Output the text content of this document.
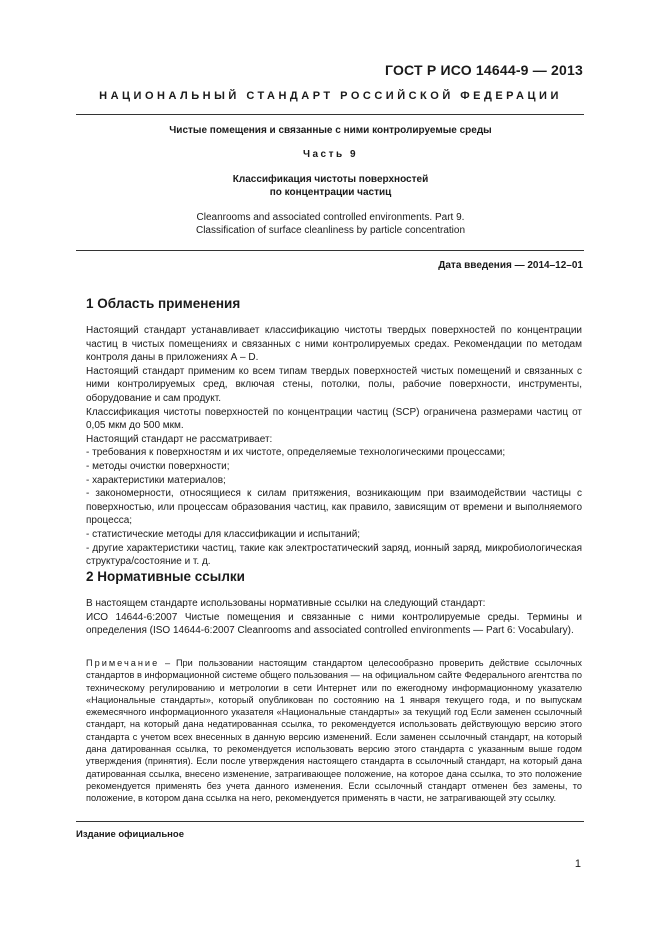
ГОСТ Р ИСО 14644-9 — 2013
НАЦИОНАЛЬНЫЙ СТАНДАРТ РОССИЙСКОЙ ФЕДЕРАЦИИ
Чистые помещения и связанные с ними контролируемые среды
Часть 9
Классификация чистоты поверхностей
по концентрации частиц
Cleanrooms and associated controlled environments. Part 9.
Classification of surface cleanliness by particle concentration
Дата введения — 2014–12–01
1 Область применения

Настоящий стандарт устанавливает классификацию чистоты твердых поверхностей по концентрации частиц в чистых помещениях и связанных с ними контролируемых средах. Рекомендации по методам контроля даны в приложениях А – D.

Настоящий стандарт применим ко всем типам твердых поверхностей чистых помещений и связанных с ними контролируемых сред, включая стены, потолки, полы, рабочие поверхности, инструменты, оборудование и сам продукт.

Классификация чистоты поверхностей по концентрации частиц (SCP) ограничена размерами частиц от 0,05 мкм до 500 мкм.

Настоящий стандарт не рассматривает:

- требования к поверхностям и их чистоте, определяемые технологическими процессами;

- методы очистки поверхности;

- характеристики материалов;

- закономерности, относящиеся к силам притяжения, возникающим при взаимодействии частицы с поверхностью, или процессам образования частиц, как правило, зависящим от времени и выполняемого процесса;

- статистические методы для классификации и испытаний;

- другие характеристики частиц, такие как электростатический заряд, ионный заряд, микробиологическая структура/состояние и т. д.

2 Нормативные ссылки

В настоящем стандарте использованы нормативные ссылки на следующий стандарт:

ИСО 14644-6:2007 Чистые помещения и связанные с ними контролируемые среды. Термины и определения (ISO 14644-6:2007 Cleanrooms and associated controlled environments — Part 6: Vocabulary).

Примечание – При пользовании настоящим стандартом целесообразно проверить действие ссылочных стандартов в информационной системе общего пользования — на официальном сайте Федерального агентства по техническому регулированию и метрологии в сети Интернет или по ежегодному информационному указателю «Национальные стандарты», который опубликован по состоянию на 1 января текущего года, и по выпускам ежемесячного информационного указателя «Национальные стандарты» за текущий год Если заменен ссылочный стандарт, на который дана недатированная ссылка, то рекомендуется использовать действующую версию этого стандарта с учетом всех внесенных в данную версию изменений. Если заменен ссылочный стандарт, на который дана датированная ссылка, то рекомендуется использовать версию этого стандарта с указанным выше годом утверждения (принятия). Если после утверждения настоящего стандарта в ссылочный стандарт, на который дана датированная ссылка, внесено изменение, затрагивающее положение, на которое дана ссылка, то это положение рекомендуется применять без учета данного изменения. Если ссылочный стандарт отменен без замены, то положение, в котором дана ссылка на него, рекомендуется применять в части, не затрагивающей эту ссылку.

Издание официальное
1
